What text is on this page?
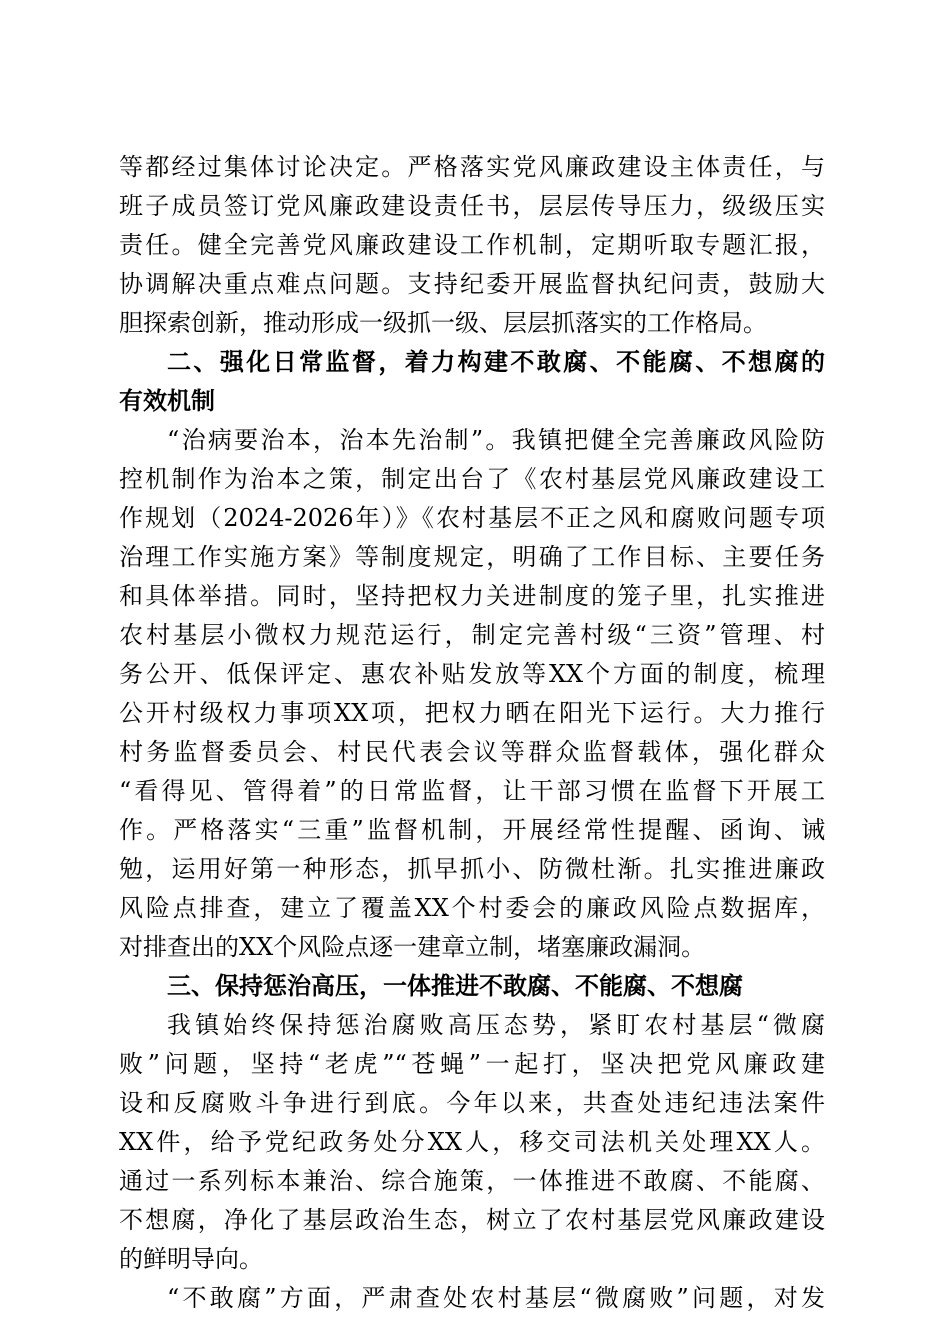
等都经过集体讨论决定。严格落实党风廉政建设主体责任，与
班子成员签订党风廉政建设责任书，层层传导压力，级级压实
责任。健全完善党风廉政建设工作机制，定期听取专题汇报，
协调解决重点难点问题。支持纪委开展监督执纪问责，鼓励大
胆探索创新，推动形成一级抓一级、层层抓落实的工作格局。
二、强化日常监督，着力构建不敢腐、不能腐、不想腐的
有效机制
“治病要治本，治本先治制”。我镇把健全完善廉政风险防
控机制作为治本之策，制定出台了《农村基层党风廉政建设工
作规划（2024-2026年）》《农村基层不正之风和腐败问题专项
治理工作实施方案》等制度规定，明确了工作目标、主要任务
和具体举措。同时，坚持把权力关进制度的笼子里，扎实推进
农村基层小微权力规范运行，制定完善村级“三资”管理、村
务公开、低保评定、惠农补贴发放等XX个方面的制度，梳理
公开村级权力事项XX项，把权力晒在阳光下运行。大力推行
村务监督委员会、村民代表会议等群众监督载体，强化群众
“看得见、管得着”的日常监督，让干部习惯在监督下开展工
作。严格落实“三重”监督机制，开展经常性提醒、函询、诫
勉，运用好第一种形态，抓早抓小、防微杜渐。扎实推进廉政
风险点排查，建立了覆盖XX个村委会的廉政风险点数据库，
对排查出的XX个风险点逐一建章立制，堵塞廉政漏洞。
三、保持惩治高压，一体推进不敢腐、不能腐、不想腐
我镇始终保持惩治腐败高压态势，紧盯农村基层“微腐
败”问题，坚持“老虎”“苍蝇”一起打，坚决把党风廉政建
设和反腐败斗争进行到底。今年以来，共查处违纪违法案件
XX件，给予党纪政务处分XX人，移交司法机关处理XX人。
通过一系列标本兼治、综合施策，一体推进不敢腐、不能腐、
不想腐，净化了基层政治生态，树立了农村基层党风廉政建设
的鲜明导向。
“不敢腐”方面，严肃查处农村基层“微腐败”问题，对发
